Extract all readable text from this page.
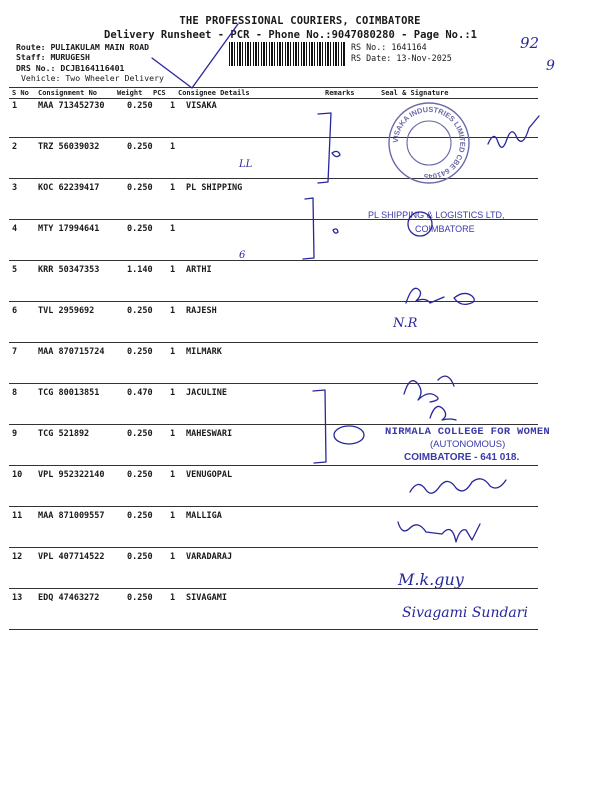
THE PROFESSIONAL COURIERS, COIMBATORE
Delivery Runsheet - PCR - Phone No.:9047080280 - Page No.:1
Route: PULIAKULAM MAIN ROAD
Staff: MURUGESH
DRS No.: DCJB164116401
Vehicle: Two Wheeler Delivery
RS No.: 1641164
RS Date: 13-Nov-2025
S No Consignment No	Weight PCS Consignee Details	Remarks	Seal & Signature
1 MAA 713452730	0.250 1 VISAKA
2 TRZ 56039032	0.250 1
3 KOC 62239417	0.250 1 PL SHIPPING
4 MTY 17994641	0.250 1
5 KRR 50347353	1.140 1 ARTHI
6 TVL 2959692	0.250 1 RAJESH
7 MAA 870715724	0.250 1 MILMARK
8 TCG 80013851	0.470 1 JACULINE
9 TCG 521892	0.250 1 MAHESWARI
10 VPL 952322140	0.250 1 VENUGOPAL
11 MAA 871009557	0.250 1 MALLIGA
12 VPL 407714522	0.250 1 VARADARAJ
13 EDQ 47463272	0.250 1 SIVAGAMI
VISAKA INDUSTRIES LIMITED CBE 641045
PL SHIPPING & LOGISTICS LTD,
COIMBATORE
NIRMALA COLLEGE FOR WOMEN
(AUTONOMOUS)
COIMBATORE - 641 018.
92
9
LL
6
N.R
M.k.guy
Sivagami Sundari
